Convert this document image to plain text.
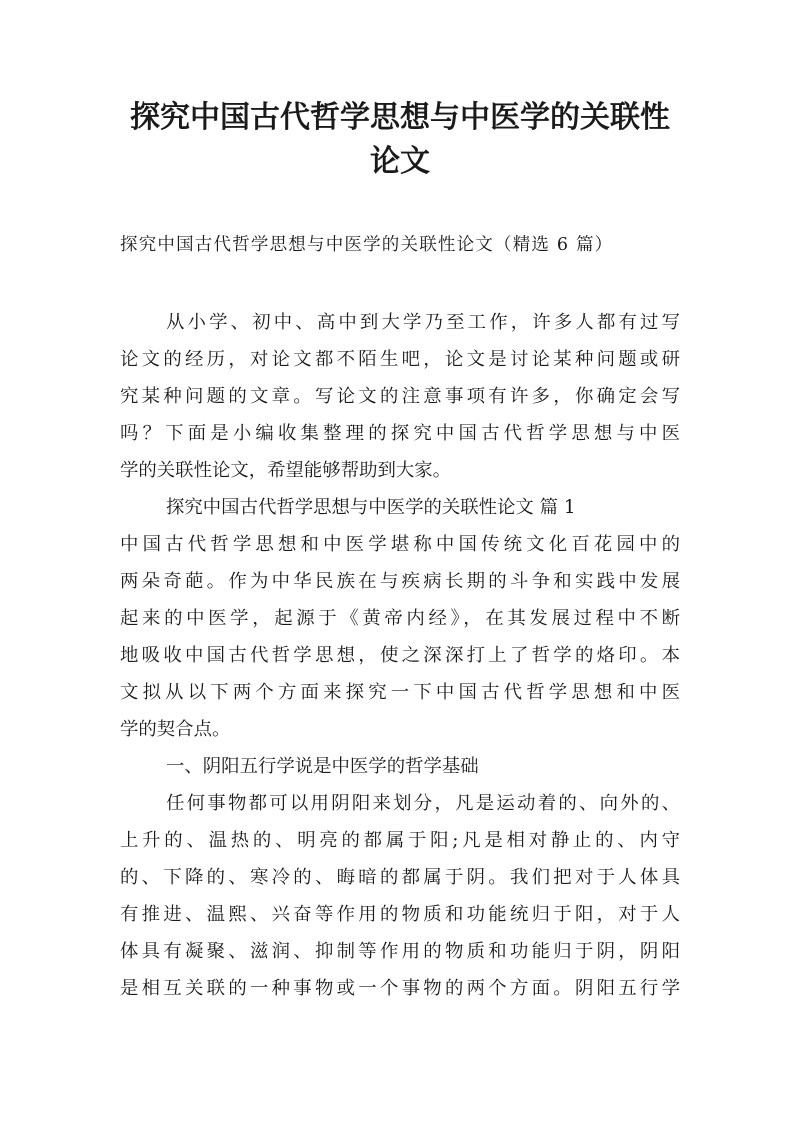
探究中国古代哲学思想与中医学的关联性
论文
探究中国古代哲学思想与中医学的关联性论文（精选 6 篇）
从小学、初中、高中到大学乃至工作，许多人都有过写
论文的经历，对论文都不陌生吧，论文是讨论某种问题或研
究某种问题的文章。写论文的注意事项有许多，你确定会写
吗？下面是小编收集整理的探究中国古代哲学思想与中医
学的关联性论文，希望能够帮助到大家。
探究中国古代哲学思想与中医学的关联性论文 篇 1
中国古代哲学思想和中医学堪称中国传统文化百花园中的
两朵奇葩。作为中华民族在与疾病长期的斗争和实践中发展
起来的中医学，起源于《黄帝内经》，在其发展过程中不断
地吸收中国古代哲学思想，使之深深打上了哲学的烙印。本
文拟从以下两个方面来探究一下中国古代哲学思想和中医
学的契合点。
一、阴阳五行学说是中医学的哲学基础
任何事物都可以用阴阳来划分，凡是运动着的、向外的、
上升的、温热的、明亮的都属于阳;凡是相对静止的、内守
的、下降的、寒冷的、晦暗的都属于阴。我们把对于人体具
有推进、温熙、兴奋等作用的物质和功能统归于阳，对于人
体具有凝聚、滋润、抑制等作用的物质和功能归于阴，阴阳
是相互关联的一种事物或一个事物的两个方面。阴阳五行学
